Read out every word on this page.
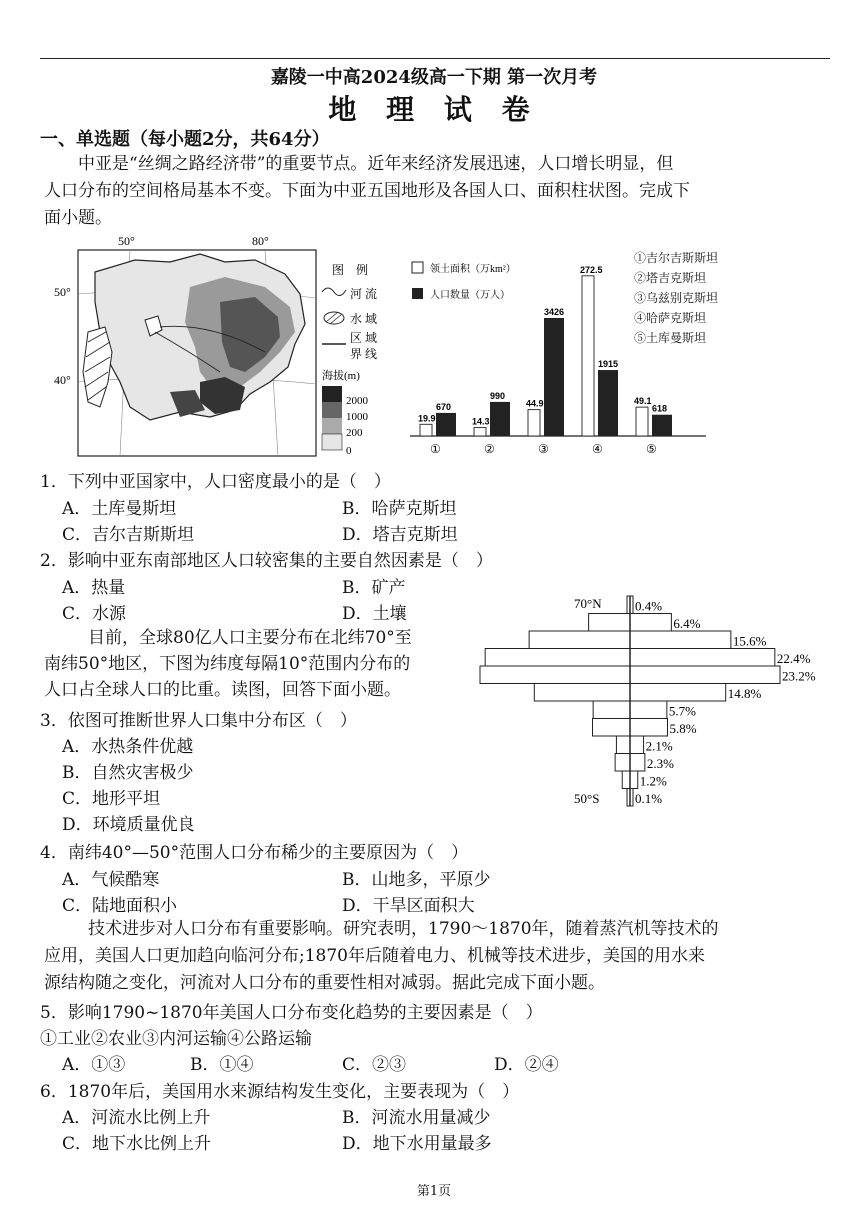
嘉陵一中高2024级高一下期 第一次月考
地 理 试 卷
一、单选题（每小题2分，共64分）
中亚是“丝绸之路经济带”的重要节点。近年来经济发展迅速，人口增长明显，但
人口分布的空间格局基本不变。下面为中亚五国地形及各国人口、面积柱状图。完成下
面小题。
图　例
河 流
水 域
区 域
界 线
海拔(m)
2000
1000
200
0
50°	80°
50°
40°
领土面积（万km²）
人口数量（万人）
19.9
670
①
14.3
990
②
44.9
3426
③
272.5
1915
④
49.1
618
⑤
①吉尔吉斯斯坦
②塔吉克斯坦
③乌兹别克斯坦
④哈萨克斯坦
⑤土库曼斯坦
1．下列中亚国家中，人口密度最小的是（　）
A．土库曼斯坦	B．哈萨克斯坦
C．吉尔吉斯斯坦	D．塔吉克斯坦
2．影响中亚东南部地区人口较密集的主要自然因素是（　）
A．热量	B．矿产
C．水源	D．土壤
目前，全球80亿人口主要分布在北纬70°至
南纬50°地区，下图为纬度每隔10°范围内分布的
人口占全球人口的比重。读图，回答下面小题。
0.4%
6.4%
15.6%
22.4%
23.2%
14.8%
5.7%
5.8%
2.1%
2.3%
1.2%
0.1%
70°N
50°S
3．依图可推断世界人口集中分布区（　）
A．水热条件优越
B．自然灾害极少
C．地形平坦
D．环境质量优良
4．南纬40°—50°范围人口分布稀少的主要原因为（　）
A．气候酷寒	B．山地多，平原少
C．陆地面积小	D．干旱区面积大
技术进步对人口分布有重要影响。研究表明，1790～1870年，随着蒸汽机等技术的
应用，美国人口更加趋向临河分布;1870年后随着电力、机械等技术进步，美国的用水来
源结构随之变化，河流对人口分布的重要性相对减弱。据此完成下面小题。
5．影响1790~1870年美国人口分布变化趋势的主要因素是（　）
①工业②农业③内河运输④公路运输
A．①③	B．①④	C．②③	D．②④
6．1870年后，美国用水来源结构发生变化，主要表现为（　）
A．河流水比例上升	B．河流水用量减少
C．地下水比例上升	D．地下水用量最多
第1页
